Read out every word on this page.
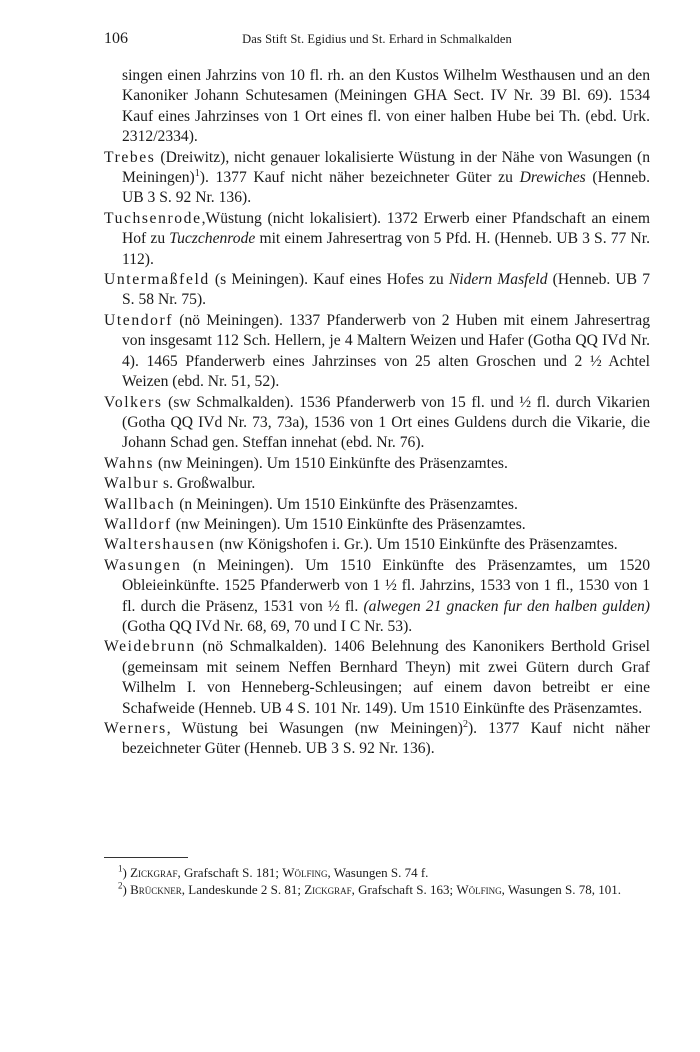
106	Das Stift St. Egidius und St. Erhard in Schmalkalden

singen einen Jahrzins von 10 fl. rh. an den Kustos Wilhelm Westhausen und an den Kanoniker Johann Schutesamen (Meiningen GHA Sect. IV Nr. 39 Bl. 69). 1534 Kauf eines Jahrzinses von 1 Ort eines fl. von einer halben Hube bei Th. (ebd. Urk. 2312/2334).

Trebes (Dreiwitz), nicht genauer lokalisierte Wüstung in der Nähe von Wasungen (n Meiningen)$^1$). 1377 Kauf nicht näher bezeichneter Güter zu Drewiches (Henneb. UB 3 S. 92 Nr. 136).

Tuchsenrode,Wüstung (nicht lokalisiert). 1372 Erwerb einer Pfandschaft an einem Hof zu Tuczchenrode mit einem Jahresertrag von 5 Pfd. H. (Henneb. UB 3 S. 77 Nr. 112).

Untermaßfeld (s Meiningen). Kauf eines Hofes zu Nidern Masfeld (Henneb. UB 7 S. 58 Nr. 75).

Utendorf (nö Meiningen). 1337 Pfanderwerb von 2 Huben mit einem Jahresertrag von insgesamt 112 Sch. Hellern, je 4 Maltern Weizen und Hafer (Gotha QQ IVd Nr. 4). 1465 Pfanderwerb eines Jahrzinses von 25 alten Groschen und 2 ½ Achtel Weizen (ebd. Nr. 51, 52).

Volkers (sw Schmalkalden). 1536 Pfanderwerb von 15 fl. und ½ fl. durch Vikarien (Gotha QQ IVd Nr. 73, 73a), 1536 von 1 Ort eines Guldens durch die Vikarie, die Johann Schad gen. Steffan innehat (ebd. Nr. 76).

Wahns (nw Meiningen). Um 1510 Einkünfte des Präsenzamtes.

Walbur s. Großwalbur.

Wallbach (n Meiningen). Um 1510 Einkünfte des Präsenzamtes.

Walldorf (nw Meiningen). Um 1510 Einkünfte des Präsenzamtes.

Waltershausen (nw Königshofen i. Gr.). Um 1510 Einkünfte des Präsenzamtes.

Wasungen (n Meiningen). Um 1510 Einkünfte des Präsenzamtes, um 1520 Obleieinkünfte. 1525 Pfanderwerb von 1 ½ fl. Jahrzins, 1533 von 1 fl., 1530 von 1 fl. durch die Präsenz, 1531 von ½ fl. (alwegen 21 gnacken fur den halben gulden) (Gotha QQ IVd Nr. 68, 69, 70 und I C Nr. 53).

Weidebrunn (nö Schmalkalden). 1406 Belehnung des Kanonikers Berthold Grisel (gemeinsam mit seinem Neffen Bernhard Theyn) mit zwei Gütern durch Graf Wilhelm I. von Henneberg-Schleusingen; auf einem davon betreibt er eine Schafweide (Henneb. UB 4 S. 101 Nr. 149). Um 1510 Einkünfte des Präsenzamtes.

Werners, Wüstung bei Wasungen (nw Meiningen)$^2$). 1377 Kauf nicht näher bezeichneter Güter (Henneb. UB 3 S. 92 Nr. 136).

$^1$) Zickgraf, Grafschaft S. 181; Wölfing, Wasungen S. 74 f.

$^2$) Brückner, Landeskunde 2 S. 81; Zickgraf, Grafschaft S. 163; Wölfing, Wasungen S. 78, 101.
